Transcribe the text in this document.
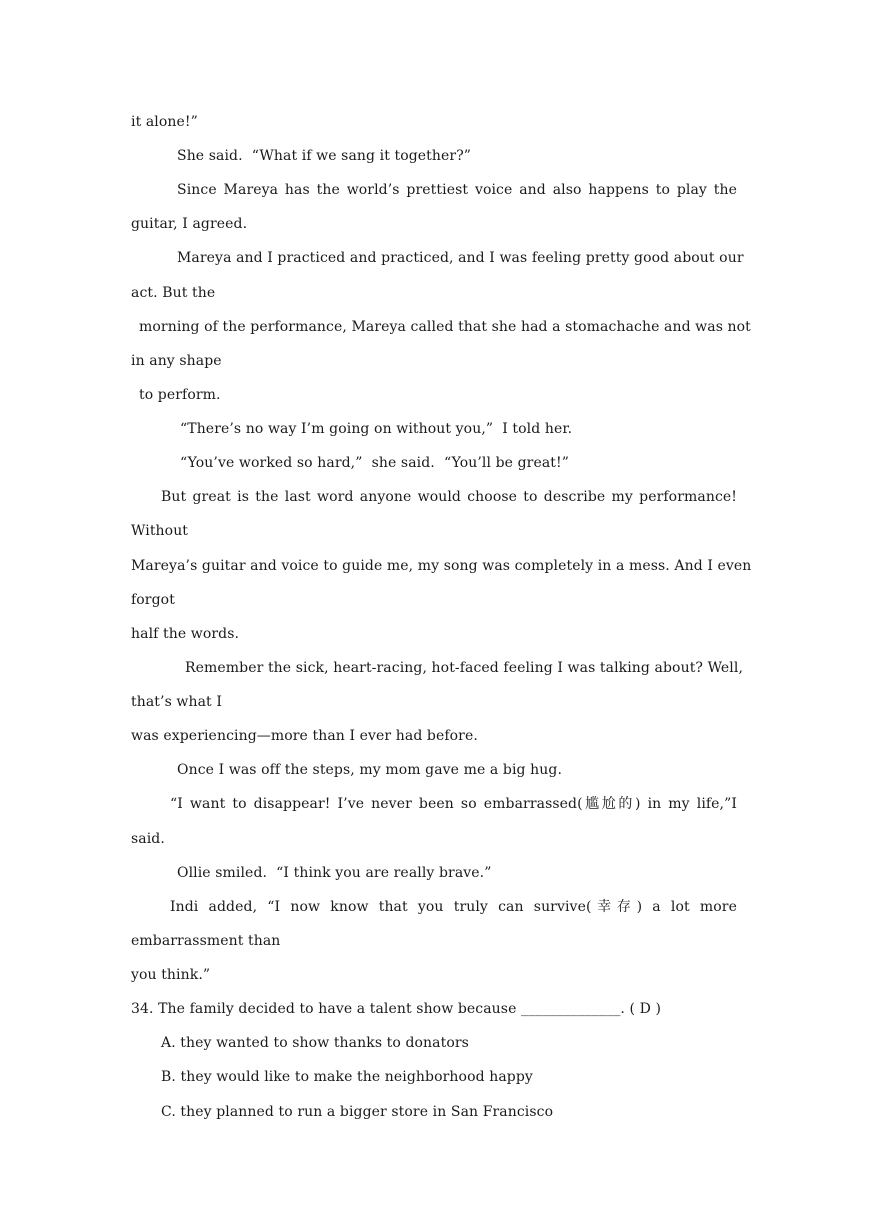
it alone!”
She said.  “What if we sang it together?”
Since Mareya has the world’s prettiest voice and also happens to play the
guitar, I agreed.
Mareya and I practiced and practiced, and I was feeling pretty good about our
act. But the
morning of the performance, Mareya called that she had a stomachache and was not
in any shape
to perform.
“There’s no way I’m going on without you,”  I told her.
“You’ve worked so hard,”  she said.  “You’ll be great!”
But great is the last word anyone would choose to describe my performance!
Without
Mareya’s guitar and voice to guide me, my song was completely in a mess. And I even
forgot
half the words.
Remember the sick, heart-racing, hot-faced feeling I was talking about? Well,
that’s what I
was experiencing—more than I ever had before.
Once I was off the steps, my mom gave me a big hug.
“I want to disappear! I’ve never been so embarrassed(尴尬的) in my life,”I
said.
Ollie smiled.  “I think you are really brave.”
Indi added, “I now know that you truly can survive(幸存) a lot more
embarrassment than
you think.”
34. The family decided to have a talent show because ______________. ( D )
A. they wanted to show thanks to donators
B. they would like to make the neighborhood happy
C. they planned to run a bigger store in San Francisco
